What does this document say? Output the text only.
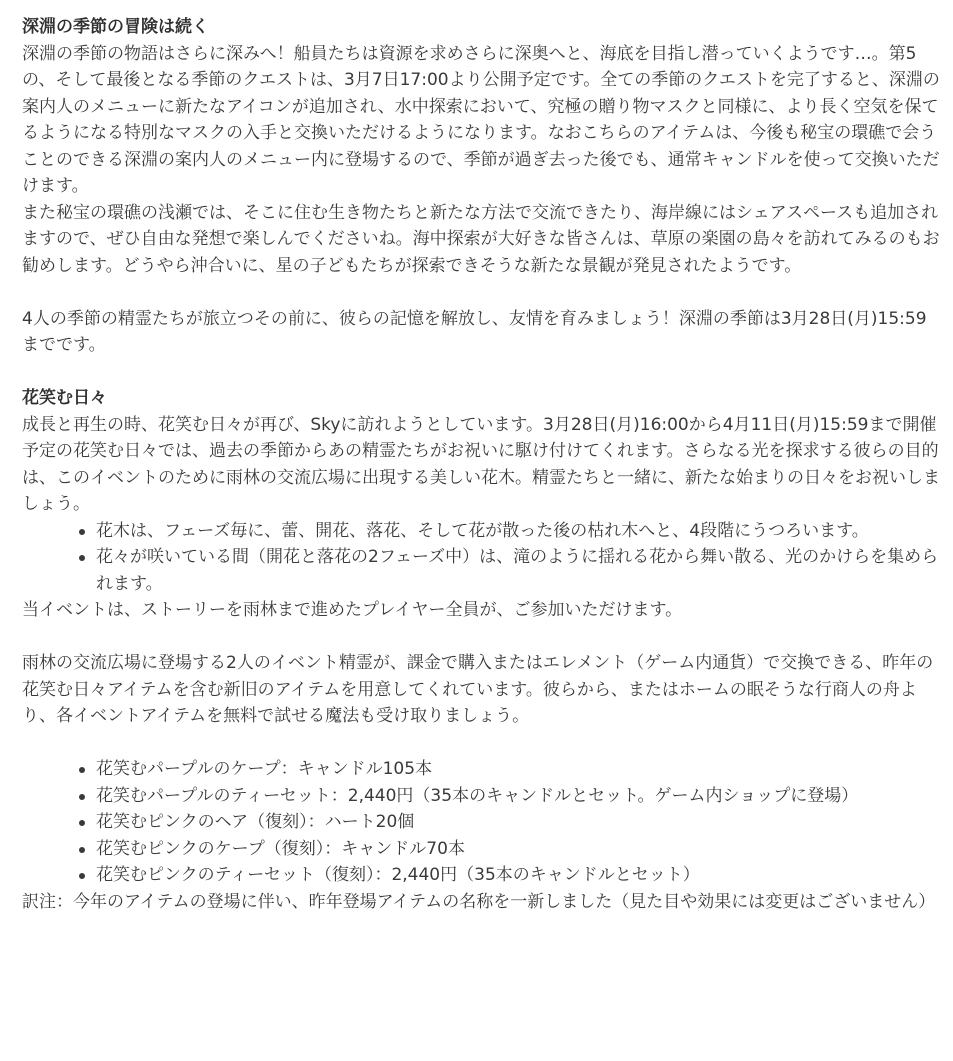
深淵の季節の冒険は続く

深淵の季節の物語はさらに深みへ！船員たちは資源を求めさらに深奥へと、海底を目指し潜っていくようです…。第5の、そして最後となる季節のクエストは、3月7日17:00より公開予定です。全ての季節のクエストを完了すると、深淵の案内人のメニューに新たなアイコンが追加され、水中探索において、究極の贈り物マスクと同様に、より長く空気を保てるようになる特別なマスクの入手と交換いただけるようになります。なおこちらのアイテムは、今後も秘宝の環礁で会うことのできる深淵の案内人のメニュー内に登場するので、季節が過ぎ去った後でも、通常キャンドルを使って交換いただけます。

また秘宝の環礁の浅瀬では、そこに住む生き物たちと新たな方法で交流できたり、海岸線にはシェアスペースも追加されますので、ぜひ自由な発想で楽しんでくださいね。海中探索が大好きな皆さんは、草原の楽園の島々を訪れてみるのもお勧めします。どうやら沖合いに、星の子どもたちが探索できそうな新たな景観が発見されたようです。

4人の季節の精霊たちが旅立つその前に、彼らの記憶を解放し、友情を育みましょう！深淵の季節は3月28日(月)15:59までです。

花笑む日々

成長と再生の時、花笑む日々が再び、Skyに訪れようとしています。3月28日(月)16:00から4月11日(月)15:59まで開催予定の花笑む日々では、過去の季節からあの精霊たちがお祝いに駆け付けてくれます。さらなる光を探求する彼らの目的は、このイベントのために雨林の交流広場に出現する美しい花木。精霊たちと一緒に、新たな始まりの日々をお祝いしましょう。

花木は、フェーズ毎に、蕾、開花、落花、そして花が散った後の枯れ木へと、4段階にうつろいます。
花々が咲いている間（開花と落花の2フェーズ中）は、滝のように揺れる花から舞い散る、光のかけらを集められます。

当イベントは、ストーリーを雨林まで進めたプレイヤー全員が、ご参加いただけます。

雨林の交流広場に登場する2人のイベント精霊が、課金で購入またはエレメント（ゲーム内通貨）で交換できる、昨年の花笑む日々アイテムを含む新旧のアイテムを用意してくれています。彼らから、またはホームの眠そうな行商人の舟より、各イベントアイテムを無料で試せる魔法も受け取りましょう。

花笑むパープルのケープ：キャンドル105本
花笑むパープルのティーセット：2,440円（35本のキャンドルとセット。ゲーム内ショップに登場）
花笑むピンクのヘア（復刻）：ハート20個
花笑むピンクのケープ（復刻）：キャンドル70本
花笑むピンクのティーセット（復刻）：2,440円（35本のキャンドルとセット）

訳注：今年のアイテムの登場に伴い、昨年登場アイテムの名称を一新しました（見た目や効果には変更はございません）
